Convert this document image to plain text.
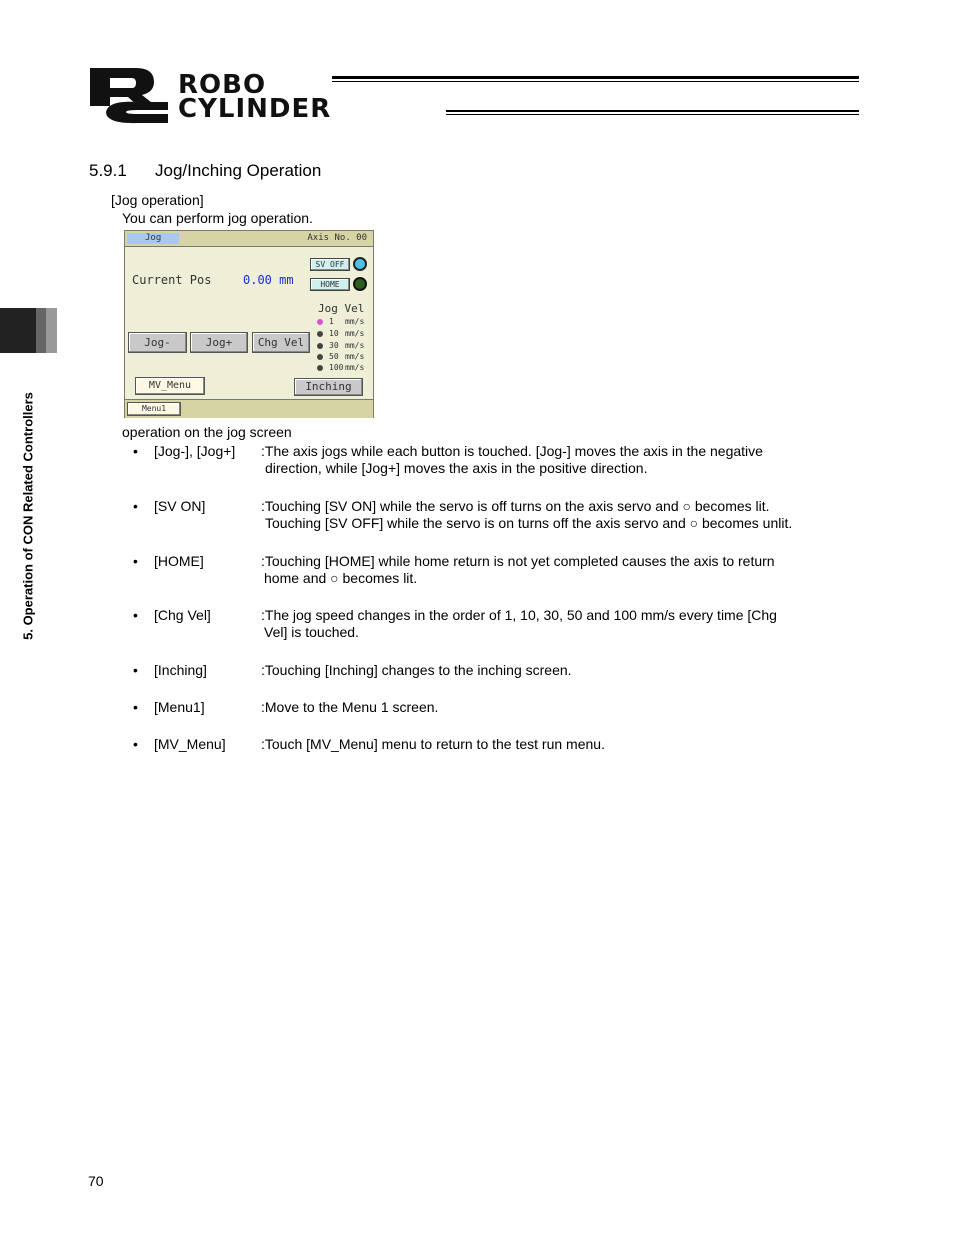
ROBO
CYLINDER
5. Operation of CON Related Controllers
5.9.1 Jog/Inching Operation
[Jog operation]
You can perform jog operation.
Jog	Axis No. 00
Current Pos	0.00 mm
SV OFF
HOME
Jog Vel
1 mm/s
10 mm/s
30 mm/s
50 mm/s
100 mm/s
Jog-	Jog+	Chg Vel
MV_Menu	Inching
Menu1
operation on the jog screen
• [Jog-], [Jog+] :The axis jogs while each button is touched. [Jog-] moves the axis in the negative
direction, while [Jog+] moves the axis in the positive direction.
• [SV ON]	:Touching [SV ON] while the servo is off turns on the axis servo and ○ becomes lit.
Touching [SV OFF] while the servo is on turns off the axis servo and ○ becomes unlit.
• [HOME]	:Touching [HOME] while home return is not yet completed causes the axis to return
home and ○ becomes lit.
• [Chg Vel]	:The jog speed changes in the order of 1, 10, 30, 50 and 100 mm/s every time [Chg
Vel] is touched.
• [Inching]	:Touching [Inching] changes to the inching screen.
• [Menu1]	:Move to the Menu 1 screen.
• [MV_Menu]	:Touch [MV_Menu] menu to return to the test run menu.
70
